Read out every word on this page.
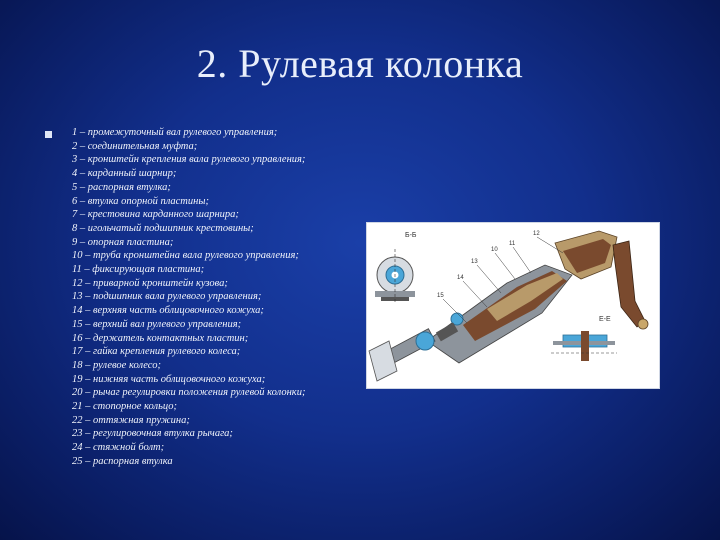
2. Рулевая колонка
1 – промежуточный вал рулевого управления;
2 – соединительная муфта;
3 – кронштейн крепления вала рулевого управления;
4 – карданный шарнир;
5 – распорная втулка;
6 – втулка опорной пластины;
7 – крестовина карданного шарнира;
8 – игольчатый подшипник крестовины;
9 – опорная пластина;
10 – труба кронштейна вала рулевого управления;
11 – фиксирующая пластина;
12 – приварной кронштейн кузова;
13 – подшипник вала рулевого управления;
14 – верхняя часть облицовочного кожуха;
15 – верхний вал рулевого управления;
16 – держатель контактных пластин;
17 – гайка крепления рулевого колеса;
18 – рулевое колесо;
19 – нижняя часть облицовочного кожуха;
20 – рычаг регулировки положения рулевой колонки;
21 – стопорное кольцо;
22 – оттяжная пружина;
23 – регулировочная втулка рычага;
24 – стяжной болт;
25 – распорная втулка
Б-Б
Е-Е
10
11
12
13
14
15
